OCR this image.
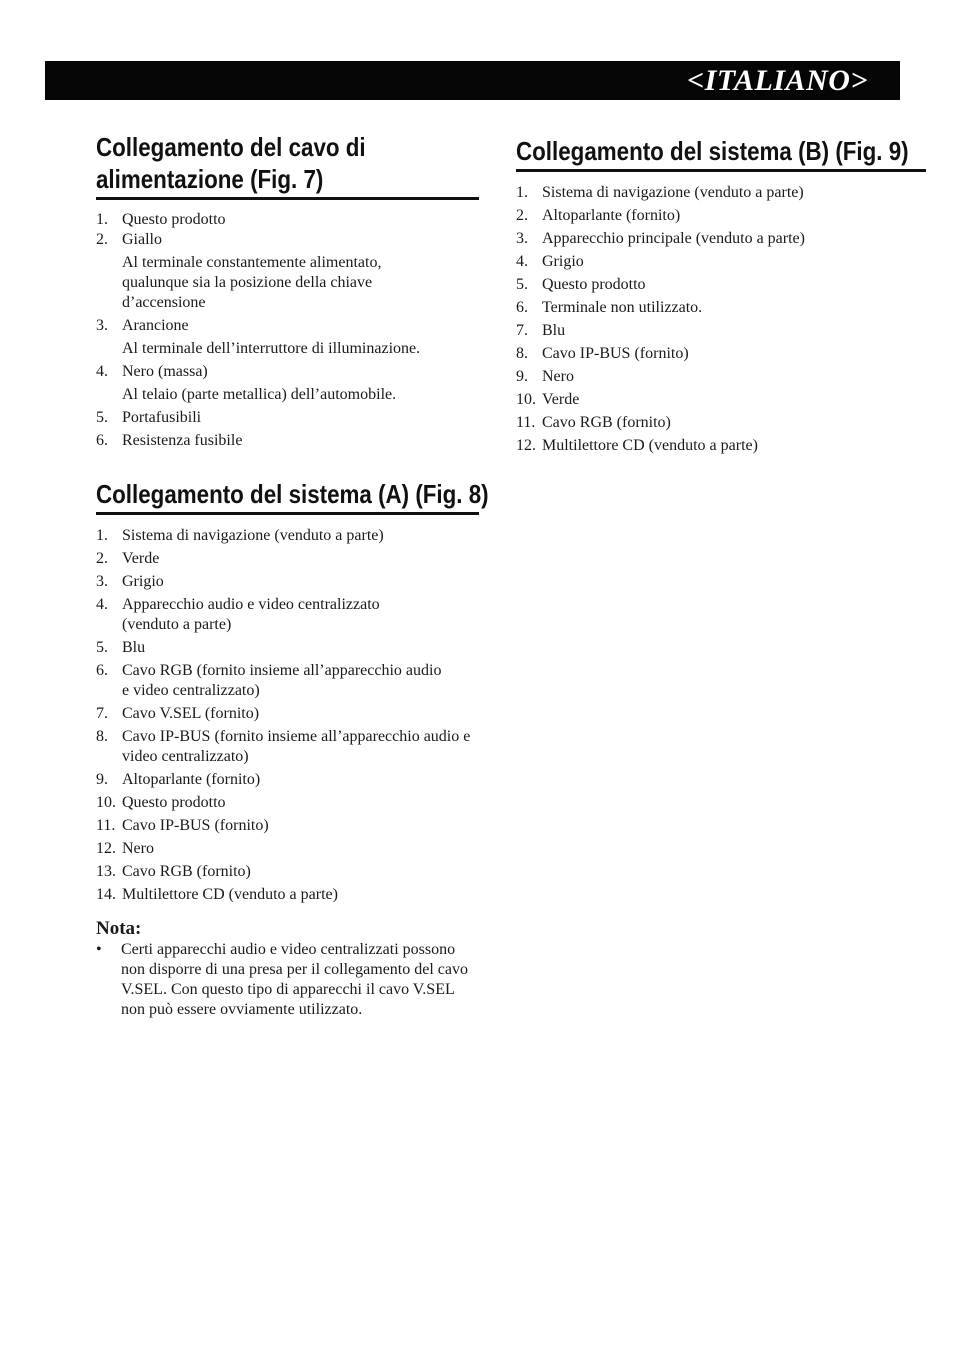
<ITALIANO>
Collegamento del cavo di
alimentazione (Fig. 7)
1. Questo prodotto
2. Giallo
Al terminale constantemente alimentato, qualunque sia la posizione della chiave d’accensione
3. Arancione
Al terminale dell’interruttore di illuminazione.
4. Nero (massa)
Al telaio (parte metallica) dell’automobile.
5. Portafusibili
6. Resistenza fusibile
Collegamento del sistema (A) (Fig. 8)
1. Sistema di navigazione (venduto a parte)
2. Verde
3. Grigio
4. Apparecchio audio e video centralizzato (venduto a parte)
5. Blu
6. Cavo RGB (fornito insieme all’apparecchio audio e video centralizzato)
7. Cavo V.SEL (fornito)
8. Cavo IP-BUS (fornito insieme all’apparecchio audio e video centralizzato)
9. Altoparlante (fornito)
10. Questo prodotto
11. Cavo IP-BUS (fornito)
12. Nero
13. Cavo RGB (fornito)
14. Multilettore CD (venduto a parte)
Nota:
• Certi apparecchi audio e video centralizzati possono non disporre di una presa per il collegamento del cavo V.SEL. Con questo tipo di apparecchi il cavo V.SEL non può essere ovviamente utilizzato.
Collegamento del sistema (B) (Fig. 9)
1. Sistema di navigazione (venduto a parte)
2. Altoparlante (fornito)
3. Apparecchio principale (venduto a parte)
4. Grigio
5. Questo prodotto
6. Terminale non utilizzato.
7. Blu
8. Cavo IP-BUS (fornito)
9. Nero
10. Verde
11. Cavo RGB (fornito)
12. Multilettore CD (venduto a parte)
